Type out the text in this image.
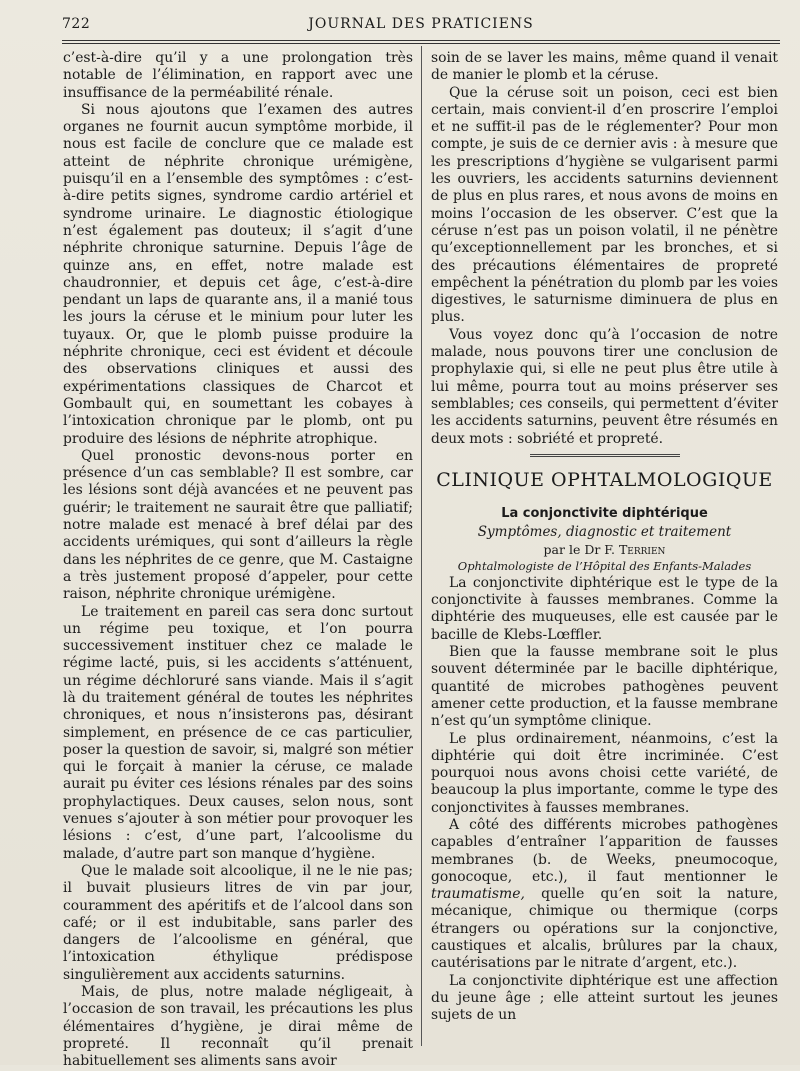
722	JOURNAL DES PRATICIENS

c’est-à-dire qu’il y a une prolongation très notable de l’élimination, en rapport avec une insuffisance de la perméabilité rénale.

Si nous ajoutons que l’examen des autres organes ne fournit aucun symptôme morbide, il nous est facile de conclure que ce malade est atteint de néphrite chronique urémigène, puisqu’il en a l’ensemble des symptômes : c’est-à-dire petits signes, syndrome cardio artériel et syndrome urinaire. Le diagnostic étiologique n’est également pas douteux; il s’agit d’une néphrite chronique saturnine. Depuis l’âge de quinze ans, en effet, notre malade est chaudronnier, et depuis cet âge, c’est-à-dire pendant un laps de quarante ans, il a manié tous les jours la céruse et le minium pour luter les tuyaux. Or, que le plomb puisse produire la néphrite chronique, ceci est évident et découle des observations cliniques et aussi des expérimentations classiques de Charcot et Gombault qui, en soumettant les cobayes à l’intoxication chronique par le plomb, ont pu produire des lésions de néphrite atrophique.

Quel pronostic devons-nous porter en présence d’un cas semblable? Il est sombre, car les lésions sont déjà avancées et ne peuvent pas guérir; le traitement ne saurait être que palliatif; notre malade est menacé à bref délai par des accidents urémiques, qui sont d’ailleurs la règle dans les néphrites de ce genre, que M. Castaigne a très justement proposé d’appeler, pour cette raison, néphrite chronique urémigène.

Le traitement en pareil cas sera donc surtout un régime peu toxique, et l’on pourra successivement instituer chez ce malade le régime lacté, puis, si les accidents s’atténuent, un régime déchloruré sans viande. Mais il s’agit là du traitement général de toutes les néphrites chroniques, et nous n’insisterons pas, désirant simplement, en présence de ce cas particulier, poser la question de savoir, si, malgré son métier qui le forçait à manier la céruse, ce malade aurait pu éviter ces lésions rénales par des soins prophylactiques. Deux causes, selon nous, sont venues s’ajouter à son métier pour provoquer les lésions : c’est, d’une part, l’alcoolisme du malade, d’autre part son manque d’hygiène.

Que le malade soit alcoolique, il ne le nie pas; il buvait plusieurs litres de vin par jour, couramment des apéritifs et de l’alcool dans son café; or il est indubitable, sans parler des dangers de l’alcoolisme en général, que l’intoxication éthylique prédispose singulièrement aux accidents saturnins.

Mais, de plus, notre malade négligeait, à l’occasion de son travail, les précautions les plus élémentaires d’hygiène, je dirai même de propreté. Il reconnaît qu’il prenait habituellement ses aliments sans avoir

soin de se laver les mains, même quand il venait de manier le plomb et la céruse.

Que la céruse soit un poison, ceci est bien certain, mais convient-il d’en proscrire l’emploi et ne suffit-il pas de le réglementer? Pour mon compte, je suis de ce dernier avis : à mesure que les prescriptions d’hygiène se vulgarisent parmi les ouvriers, les accidents saturnins deviennent de plus en plus rares, et nous avons de moins en moins l’occasion de les observer. C’est que la céruse n’est pas un poison volatil, il ne pénètre qu’exceptionnellement par les bronches, et si des précautions élémentaires de propreté empêchent la pénétration du plomb par les voies digestives, le saturnisme diminuera de plus en plus.

Vous voyez donc qu’à l’occasion de notre malade, nous pouvons tirer une conclusion de prophylaxie qui, si elle ne peut plus être utile à lui même, pourra tout au moins préserver ses semblables; ces conseils, qui permettent d’éviter les accidents saturnins, peuvent être résumés en deux mots : sobriété et propreté.

CLINIQUE OPHTALMOLOGIQUE

La conjonctivite diphtérique

Symptômes, diagnostic et traitement

par le Dr F. Terrien

Ophtalmologiste de l’Hôpital des Enfants-Malades

La conjonctivite diphtérique est le type de la conjonctivite à fausses membranes. Comme la diphtérie des muqueuses, elle est causée par le bacille de Klebs-Lœffler.

Bien que la fausse membrane soit le plus souvent déterminée par le bacille diphtérique, quantité de microbes pathogènes peuvent amener cette production, et la fausse membrane n’est qu’un symptôme clinique.

Le plus ordinairement, néanmoins, c’est la diphtérie qui doit être incriminée. C’est pourquoi nous avons choisi cette variété, de beaucoup la plus importante, comme le type des conjonctivites à fausses membranes.

A côté des différents microbes pathogènes capables d’entraîner l’apparition de fausses membranes (b. de Weeks, pneumocoque, gonocoque, etc.), il faut mentionner le traumatisme, quelle qu’en soit la nature, mécanique, chimique ou thermique (corps étrangers ou opérations sur la conjonctive, caustiques et alcalis, brûlures par la chaux, cautérisations par le nitrate d’argent, etc.).

La conjonctivite diphtérique est une affection du jeune âge ; elle atteint surtout les jeunes sujets de un
